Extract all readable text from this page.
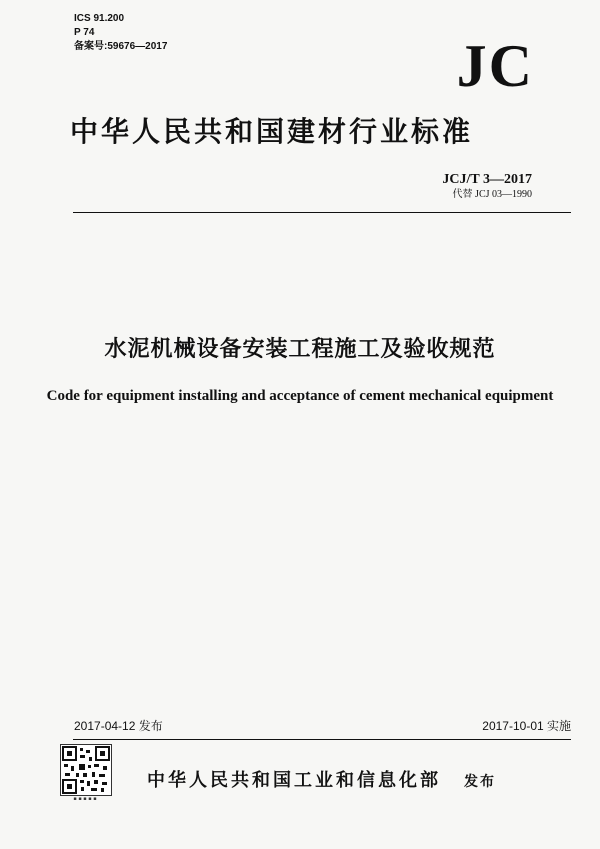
ICS 91.200
P 74
备案号:59676—2017	JC
中华人民共和国建材行业标准
JCJ/T 3—2017
代替 JCJ 03—1990
水泥机械设备安装工程施工及验收规范
Code for equipment installing and acceptance of cement mechanical equipment
2017-04-12 发布	2017-10-01 实施
▪ ▪ ▪ ▪ ▪
中华人民共和国工业和信息化部 发布
